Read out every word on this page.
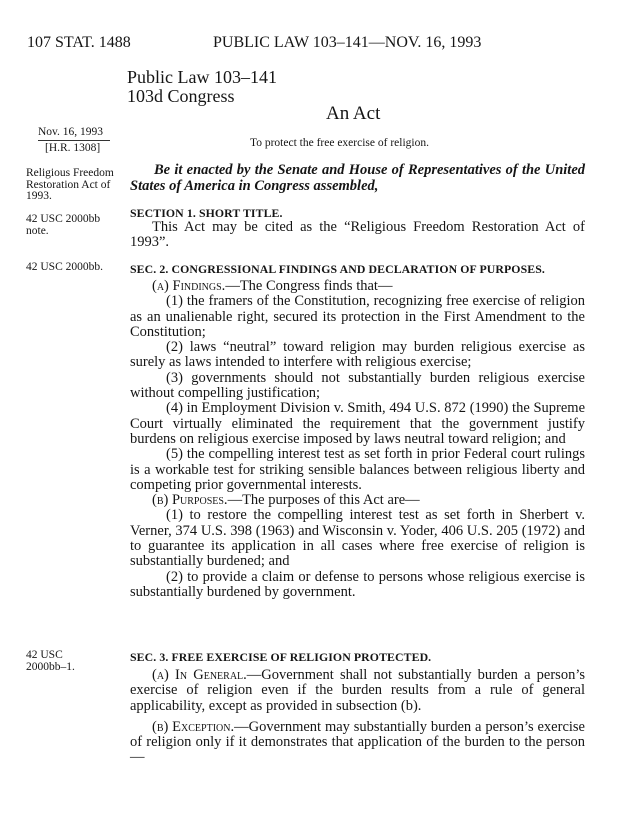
107 STAT. 1488	PUBLIC LAW 103–141—NOV. 16, 1993
Public Law 103–141
103d Congress
An Act
Nov. 16, 1993
[H.R. 1308]	To protect the free exercise of religion.
Religious Freedom Restoration Act of 1993.
42 USC 2000bb note.
42 USC 2000bb.
42 USC 2000bb–1.
Be it enacted by the Senate and House of Representatives of the United States of America in Congress assembled,
SECTION 1. SHORT TITLE.

This Act may be cited as the “Religious Freedom Restoration Act of 1993”.

SEC. 2. CONGRESSIONAL FINDINGS AND DECLARATION OF PURPOSES.

(a) Findings.—The Congress finds that—

(1) the framers of the Constitution, recognizing free exercise of religion as an unalienable right, secured its protection in the First Amendment to the Constitution;

(2) laws “neutral” toward religion may burden religious exercise as surely as laws intended to interfere with religious exercise;

(3) governments should not substantially burden religious exercise without compelling justification;

(4) in Employment Division v. Smith, 494 U.S. 872 (1990) the Supreme Court virtually eliminated the requirement that the government justify burdens on religious exercise imposed by laws neutral toward religion; and

(5) the compelling interest test as set forth in prior Federal court rulings is a workable test for striking sensible balances between religious liberty and competing prior governmental interests.

(b) Purposes.—The purposes of this Act are—

(1) to restore the compelling interest test as set forth in Sherbert v. Verner, 374 U.S. 398 (1963) and Wisconsin v. Yoder, 406 U.S. 205 (1972) and to guarantee its application in all cases where free exercise of religion is substantially burdened; and

(2) to provide a claim or defense to persons whose religious exercise is substantially burdened by government.

SEC. 3. FREE EXERCISE OF RELIGION PROTECTED.

(a) In General.—Government shall not substantially burden a person’s exercise of religion even if the burden results from a rule of general applicability, except as provided in subsection (b).

(b) Exception.—Government may substantially burden a person’s exercise of religion only if it demonstrates that application of the burden to the person—
